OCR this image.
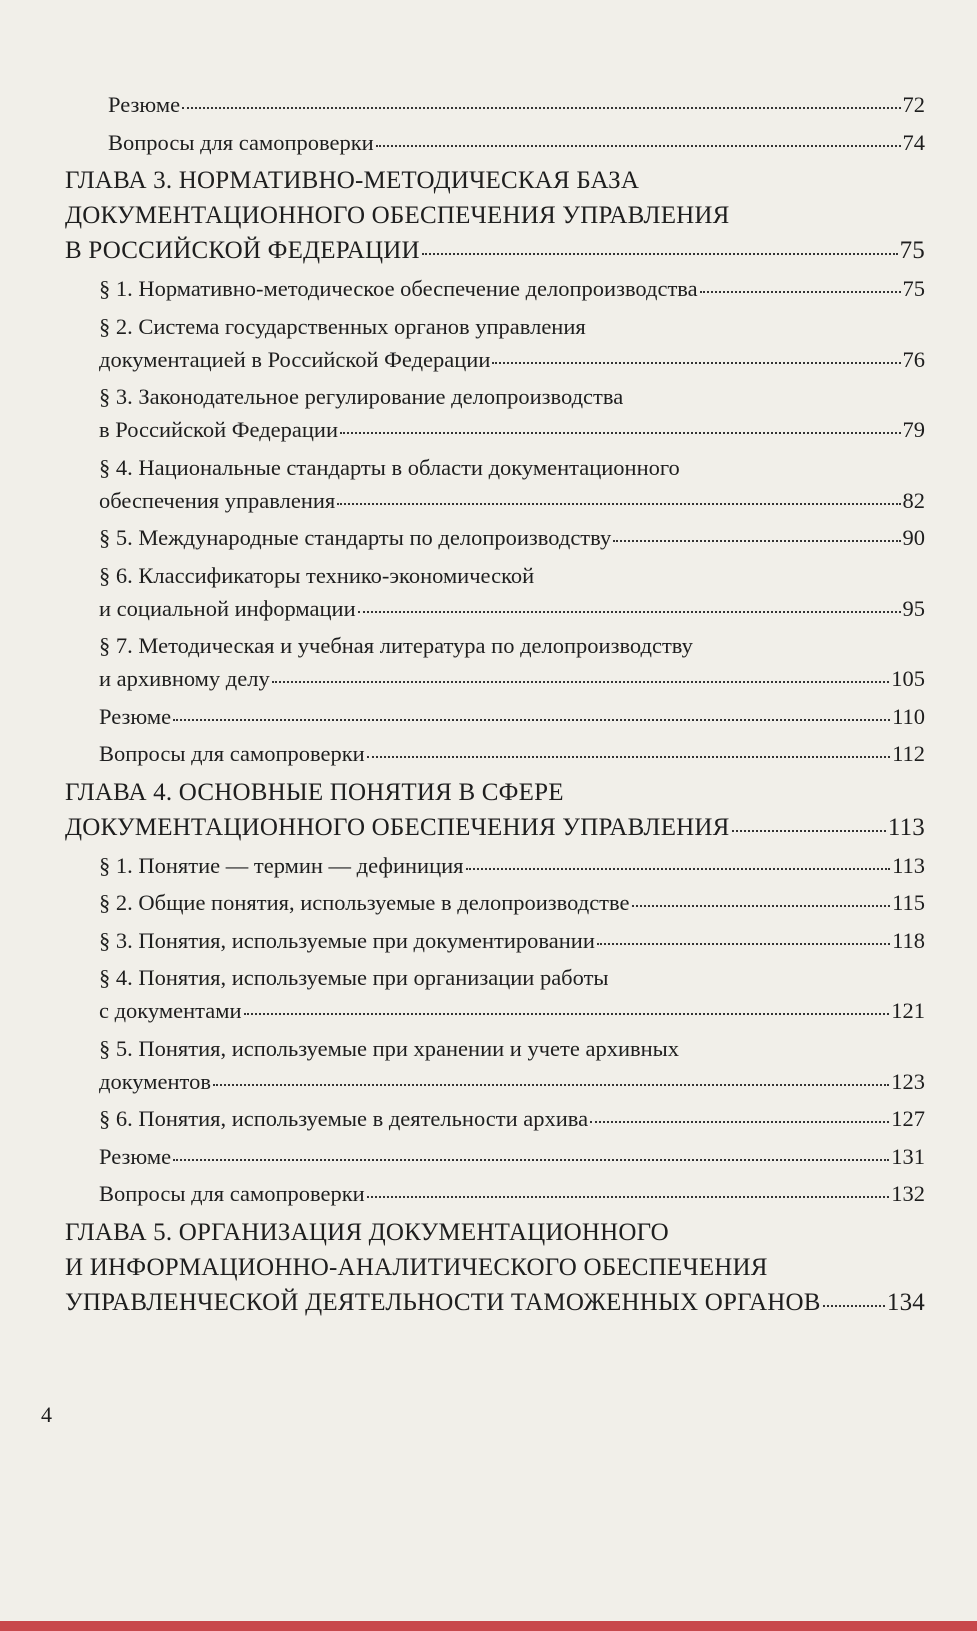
Резюме	72
Вопросы для самопроверки	74
ГЛАВА 3. НОРМАТИВНО-МЕТОДИЧЕСКАЯ БАЗА
ДОКУМЕНТАЦИОННОГО ОБЕСПЕЧЕНИЯ УПРАВЛЕНИЯ
В РОССИЙСКОЙ ФЕДЕРАЦИИ	75
§ 1. Нормативно-методическое обеспечение делопроизводства	75
§ 2. Система государственных органов управления
документацией в Российской Федерации	76
§ 3. Законодательное регулирование делопроизводства
в Российской Федерации	79
§ 4. Национальные стандарты в области документационного
обеспечения управления	82
§ 5. Международные стандарты по делопроизводству	90
§ 6. Классификаторы технико-экономической
и социальной информации	95
§ 7. Методическая и учебная литература по делопроизводству
и архивному делу	105
Резюме	110
Вопросы для самопроверки	112
ГЛАВА 4. ОСНОВНЫЕ ПОНЯТИЯ В СФЕРЕ
ДОКУМЕНТАЦИОННОГО ОБЕСПЕЧЕНИЯ УПРАВЛЕНИЯ	113
§ 1. Понятие — термин — дефиниция	113
§ 2. Общие понятия, используемые в делопроизводстве	115
§ 3. Понятия, используемые при документировании	118
§ 4. Понятия, используемые при организации работы
с документами	121
§ 5. Понятия, используемые при хранении и учете архивных
документов	123
§ 6. Понятия, используемые в деятельности архива	127
Резюме	131
Вопросы для самопроверки	132
ГЛАВА 5. ОРГАНИЗАЦИЯ ДОКУМЕНТАЦИОННОГО
И ИНФОРМАЦИОННО-АНАЛИТИЧЕСКОГО ОБЕСПЕЧЕНИЯ
УПРАВЛЕНЧЕСКОЙ ДЕЯТЕЛЬНОСТИ ТАМОЖЕННЫХ ОРГАНОВ	134
4
